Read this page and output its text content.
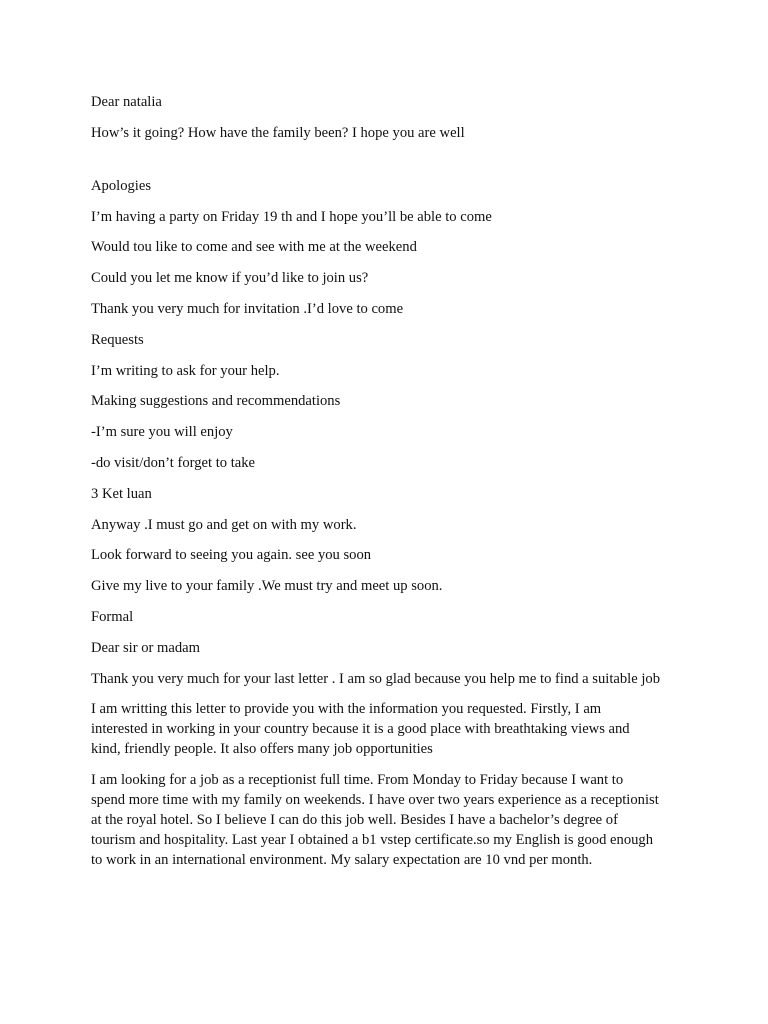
Dear natalia

How’s it going? How have the family been? I hope you are well

Apologies

I’m having a party on Friday 19 th and I hope you’ll be able to come

Would tou like to come and see with me at the weekend

Could you let me know if you’d like to join us?

Thank you very much for invitation .I’d love to come

Requests

I’m writing to ask for your help.

Making suggestions and recommendations

-I’m sure you will enjoy

-do visit/don’t forget to take

3 Ket luan

Anyway .I must go and get on with my work.

Look forward to seeing you again. see you soon

Give my live to your family .We must try and meet up soon.

Formal

Dear sir or madam

Thank you very much for your last letter . I am so glad because you help me to find a suitable job

I am writting this letter to provide you with the information you requested. Firstly, I am
interested in working in your country because it is a good place with breathtaking views and
kind, friendly people. It also offers many job opportunities
I am looking for a job as a receptionist full time. From Monday to Friday because I want to
spend more time with my family on weekends. I have over two years experience as a receptionist
at the royal hotel. So I believe I can do this job well. Besides I have a bachelor’s degree of
tourism and hospitality. Last year I obtained a b1 vstep certificate.so my English is good enough
to work in an international environment. My salary expectation are 10 vnd per month.
